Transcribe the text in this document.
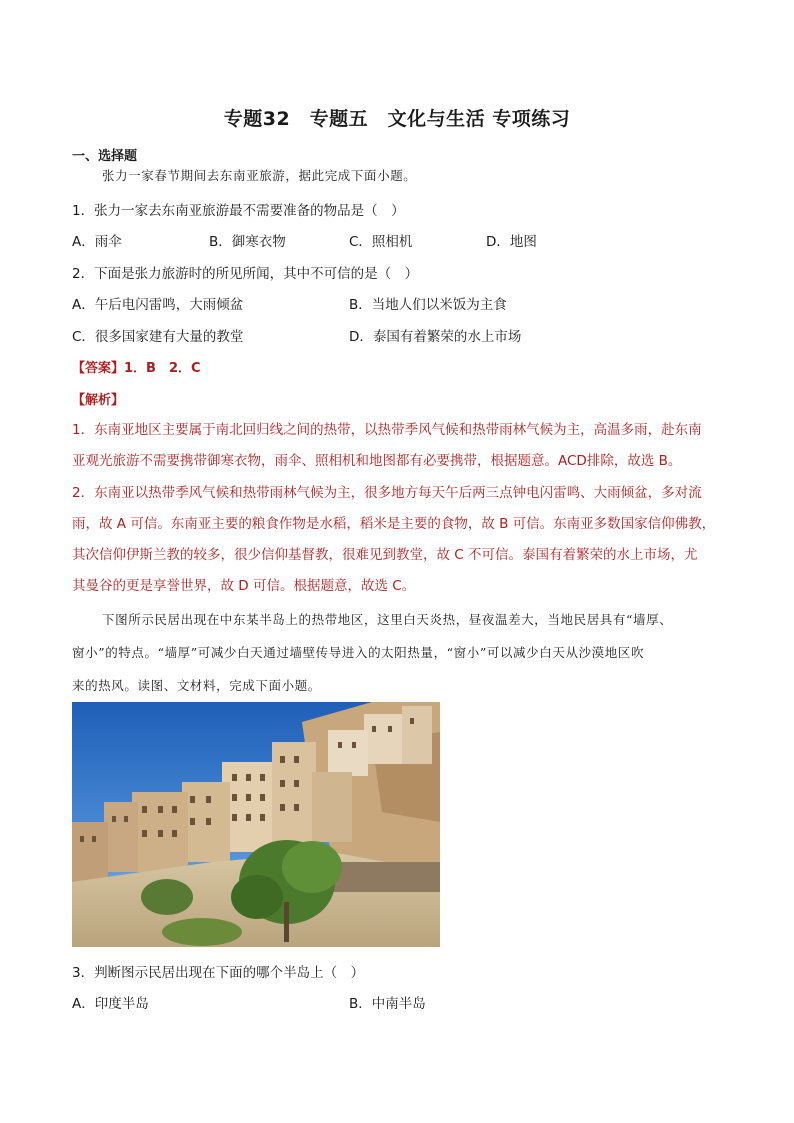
专题32　专题五　文化与生活 专项练习
一、选择题
张力一家春节期间去东南亚旅游，据此完成下面小题。
1．张力一家去东南亚旅游最不需要准备的物品是（　）
A．雨伞	B．御寒衣物	C．照相机	D．地图
2．下面是张力旅游时的所见所闻，其中不可信的是（　）
A．午后电闪雷鸣，大雨倾盆	B．当地人们以米饭为主食
C．很多国家建有大量的教堂	D．泰国有着繁荣的水上市场
【答案】1．B　2．C
【解析】
1．东南亚地区主要属于南北回归线之间的热带，以热带季风气候和热带雨林气候为主，高温多雨，赴东南
亚观光旅游不需要携带御寒衣物，雨伞、照相机和地图都有必要携带，根据题意。ACD排除，故选 B。
2．东南亚以热带季风气候和热带雨林气候为主，很多地方每天午后两三点钟电闪雷鸣、大雨倾盆，多对流
雨，故 A 可信。东南亚主要的粮食作物是水稻，稻米是主要的食物，故 B 可信。东南亚多数国家信仰佛教，
其次信仰伊斯兰教的较多，很少信仰基督教，很难见到教堂，故 C 不可信。泰国有着繁荣的水上市场，尤
其曼谷的更是享誉世界，故 D 可信。根据题意，故选 C。
下图所示民居出现在中东某半岛上的热带地区，这里白天炎热，昼夜温差大，当地民居具有“墙厚、
窗小”的特点。“墙厚”可减少白天通过墙壁传导进入的太阳热量，“窗小”可以减少白天从沙漠地区吹
来的热风。读图、文材料，完成下面小题。
3．判断图示民居出现在下面的哪个半岛上（　）
A．印度半岛	B．中南半岛
